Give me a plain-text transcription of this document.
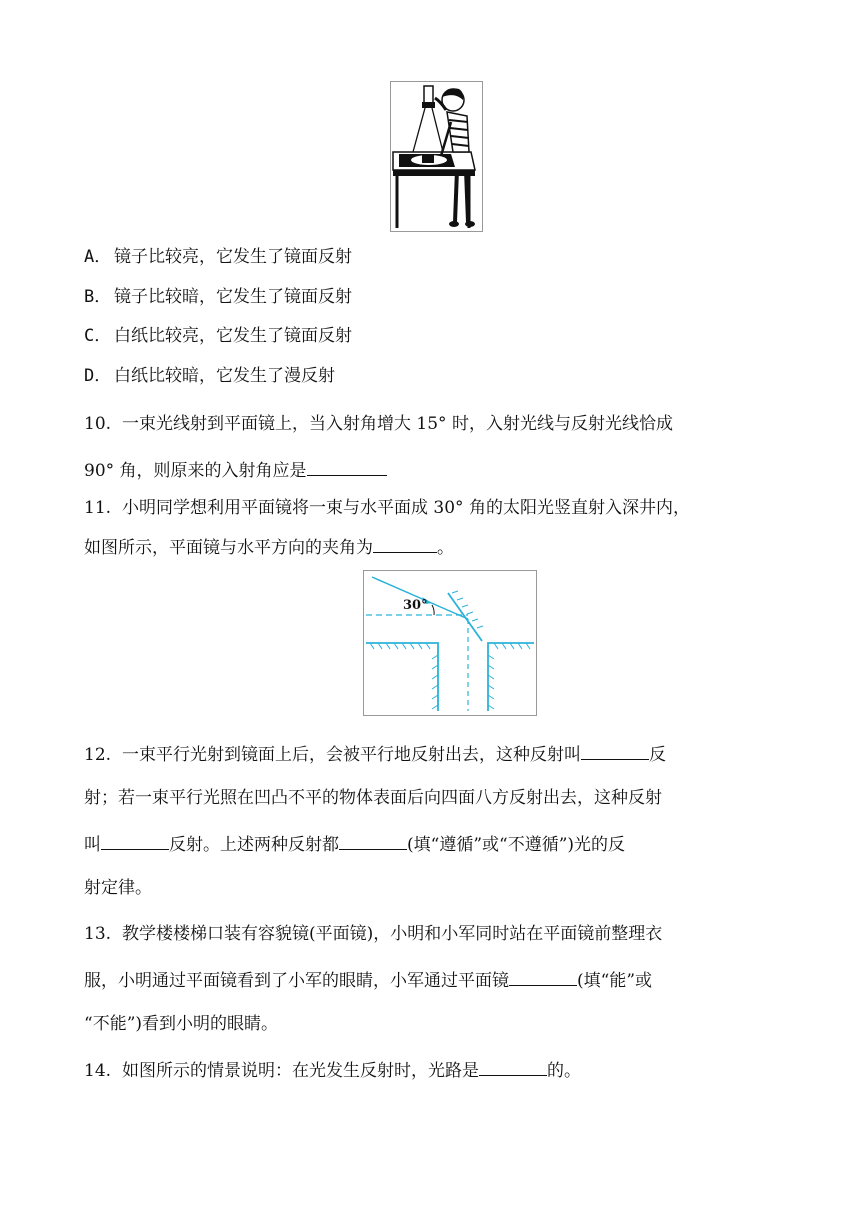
A． 镜子比较亮，它发生了镜面反射
B． 镜子比较暗，它发生了镜面反射
C． 白纸比较亮，它发生了镜面反射
D． 白纸比较暗，它发生了漫反射
10. 一束光线射到平面镜上，当入射角增大 15° 时，入射光线与反射光线恰成
90° 角，则原来的入射角应是
11. 小明同学想利用平面镜将一束与水平面成 30° 角的太阳光竖直射入深井内，
如图所示，平面镜与水平方向的夹角为	。
30°
12. 一束平行光射到镜面上后，会被平行地反射出去，这种反射叫	反
射；若一束平行光照在凹凸不平的物体表面后向四面八方反射出去，这种反射
叫	反射。上述两种反射都	(填“遵循”或“不遵循”)光的反
射定律。
13. 教学楼楼梯口装有容貌镜(平面镜)，小明和小军同时站在平面镜前整理衣
服，小明通过平面镜看到了小军的眼睛，小军通过平面镜	(填“能”或
“不能”)看到小明的眼睛。
14. 如图所示的情景说明：在光发生反射时，光路是	的。
